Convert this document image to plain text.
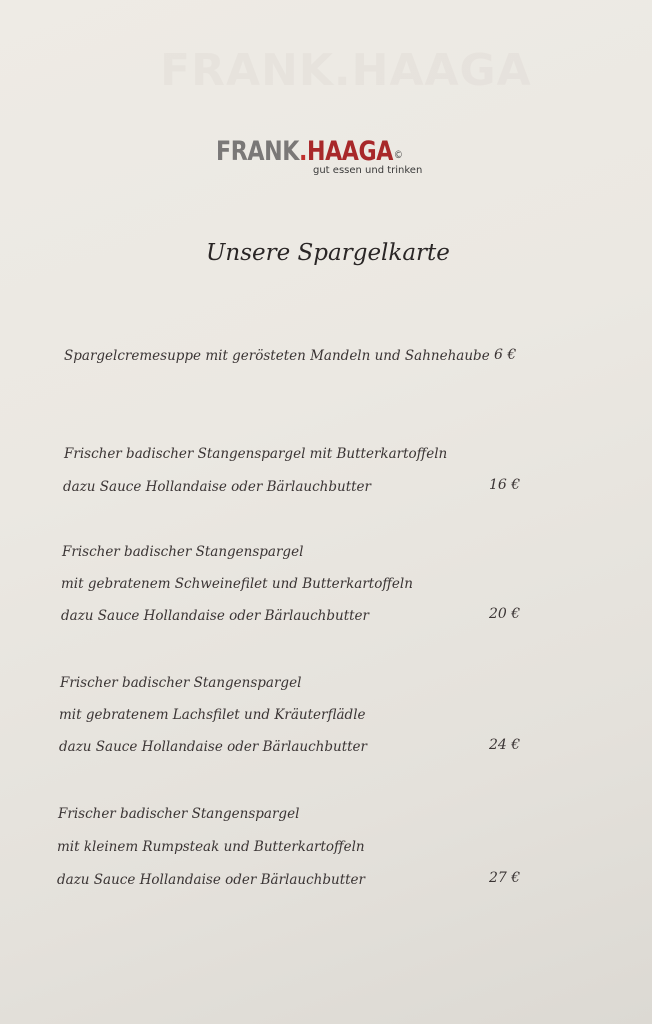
FRANK.HAAGA
FRANK.HAAGA©
gut essen und trinken
Unsere Spargelkarte
Spargelcremesuppe mit gerösteten Mandeln und Sahnehaube 6 €
Frischer badischer Stangenspargel mit Butterkartoffeln
dazu Sauce Hollandaise oder Bärlauchbutter	16 €
Frischer badischer Stangenspargel
mit gebratenem Schweinefilet und Butterkartoffeln
dazu Sauce Hollandaise oder Bärlauchbutter	20 €
Frischer badischer Stangenspargel
mit gebratenem Lachsfilet und Kräuterflädle
dazu Sauce Hollandaise oder Bärlauchbutter	24 €
Frischer badischer Stangenspargel
mit kleinem Rumpsteak und Butterkartoffeln
dazu Sauce Hollandaise oder Bärlauchbutter	27 €
